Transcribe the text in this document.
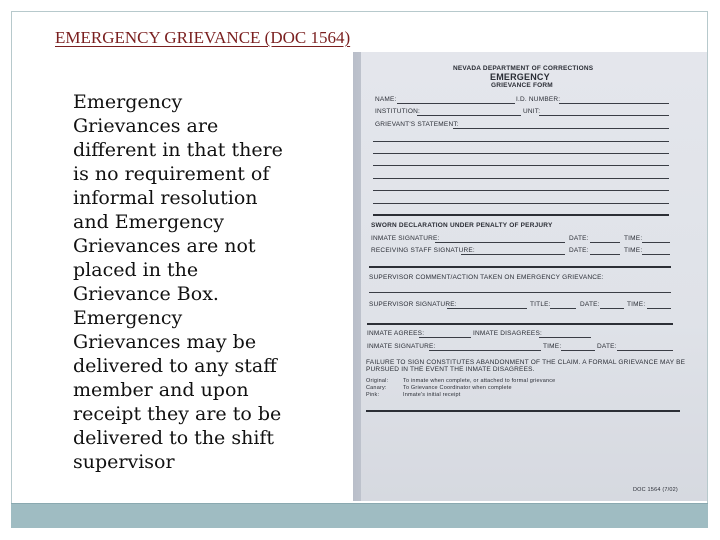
EMERGENCY GRIEVANCE (DOC 1564)
Emergency Grievances are different in that there is no requirement of informal resolution and Emergency Grievances are not placed in the Grievance Box. Emergency Grievances may be delivered to any staff member and upon receipt they are to be delivered to the shift supervisor
NEVADA DEPARTMENT OF CORRECTIONS
EMERGENCY
GRIEVANCE FORM
NAME:	I.D. NUMBER:
INSTITUTION:	UNIT:
GRIEVANT'S STATEMENT:
SWORN DECLARATION UNDER PENALTY OF PERJURY
INMATE SIGNATURE:	DATE:	TIME:
RECEIVING STAFF SIGNATURE:	DATE:	TIME:
SUPERVISOR COMMENT/ACTION TAKEN ON EMERGENCY GRIEVANCE:
SUPERVISOR SIGNATURE:	TITLE:	DATE:	TIME:
INMATE AGREES:	INMATE DISAGREES:
INMATE SIGNATURE:	TIME:	DATE:
FAILURE TO SIGN CONSTITUTES ABANDONMENT OF THE CLAIM. A FORMAL GRIEVANCE MAY BE
PURSUED IN THE EVENT THE INMATE DISAGREES.
Original:	To inmate when complete, or attached to formal grievance
Canary:	To Grievance Coordinator when complete
Pink:	Inmate's initial receipt
DOC 1564 (7/02)
